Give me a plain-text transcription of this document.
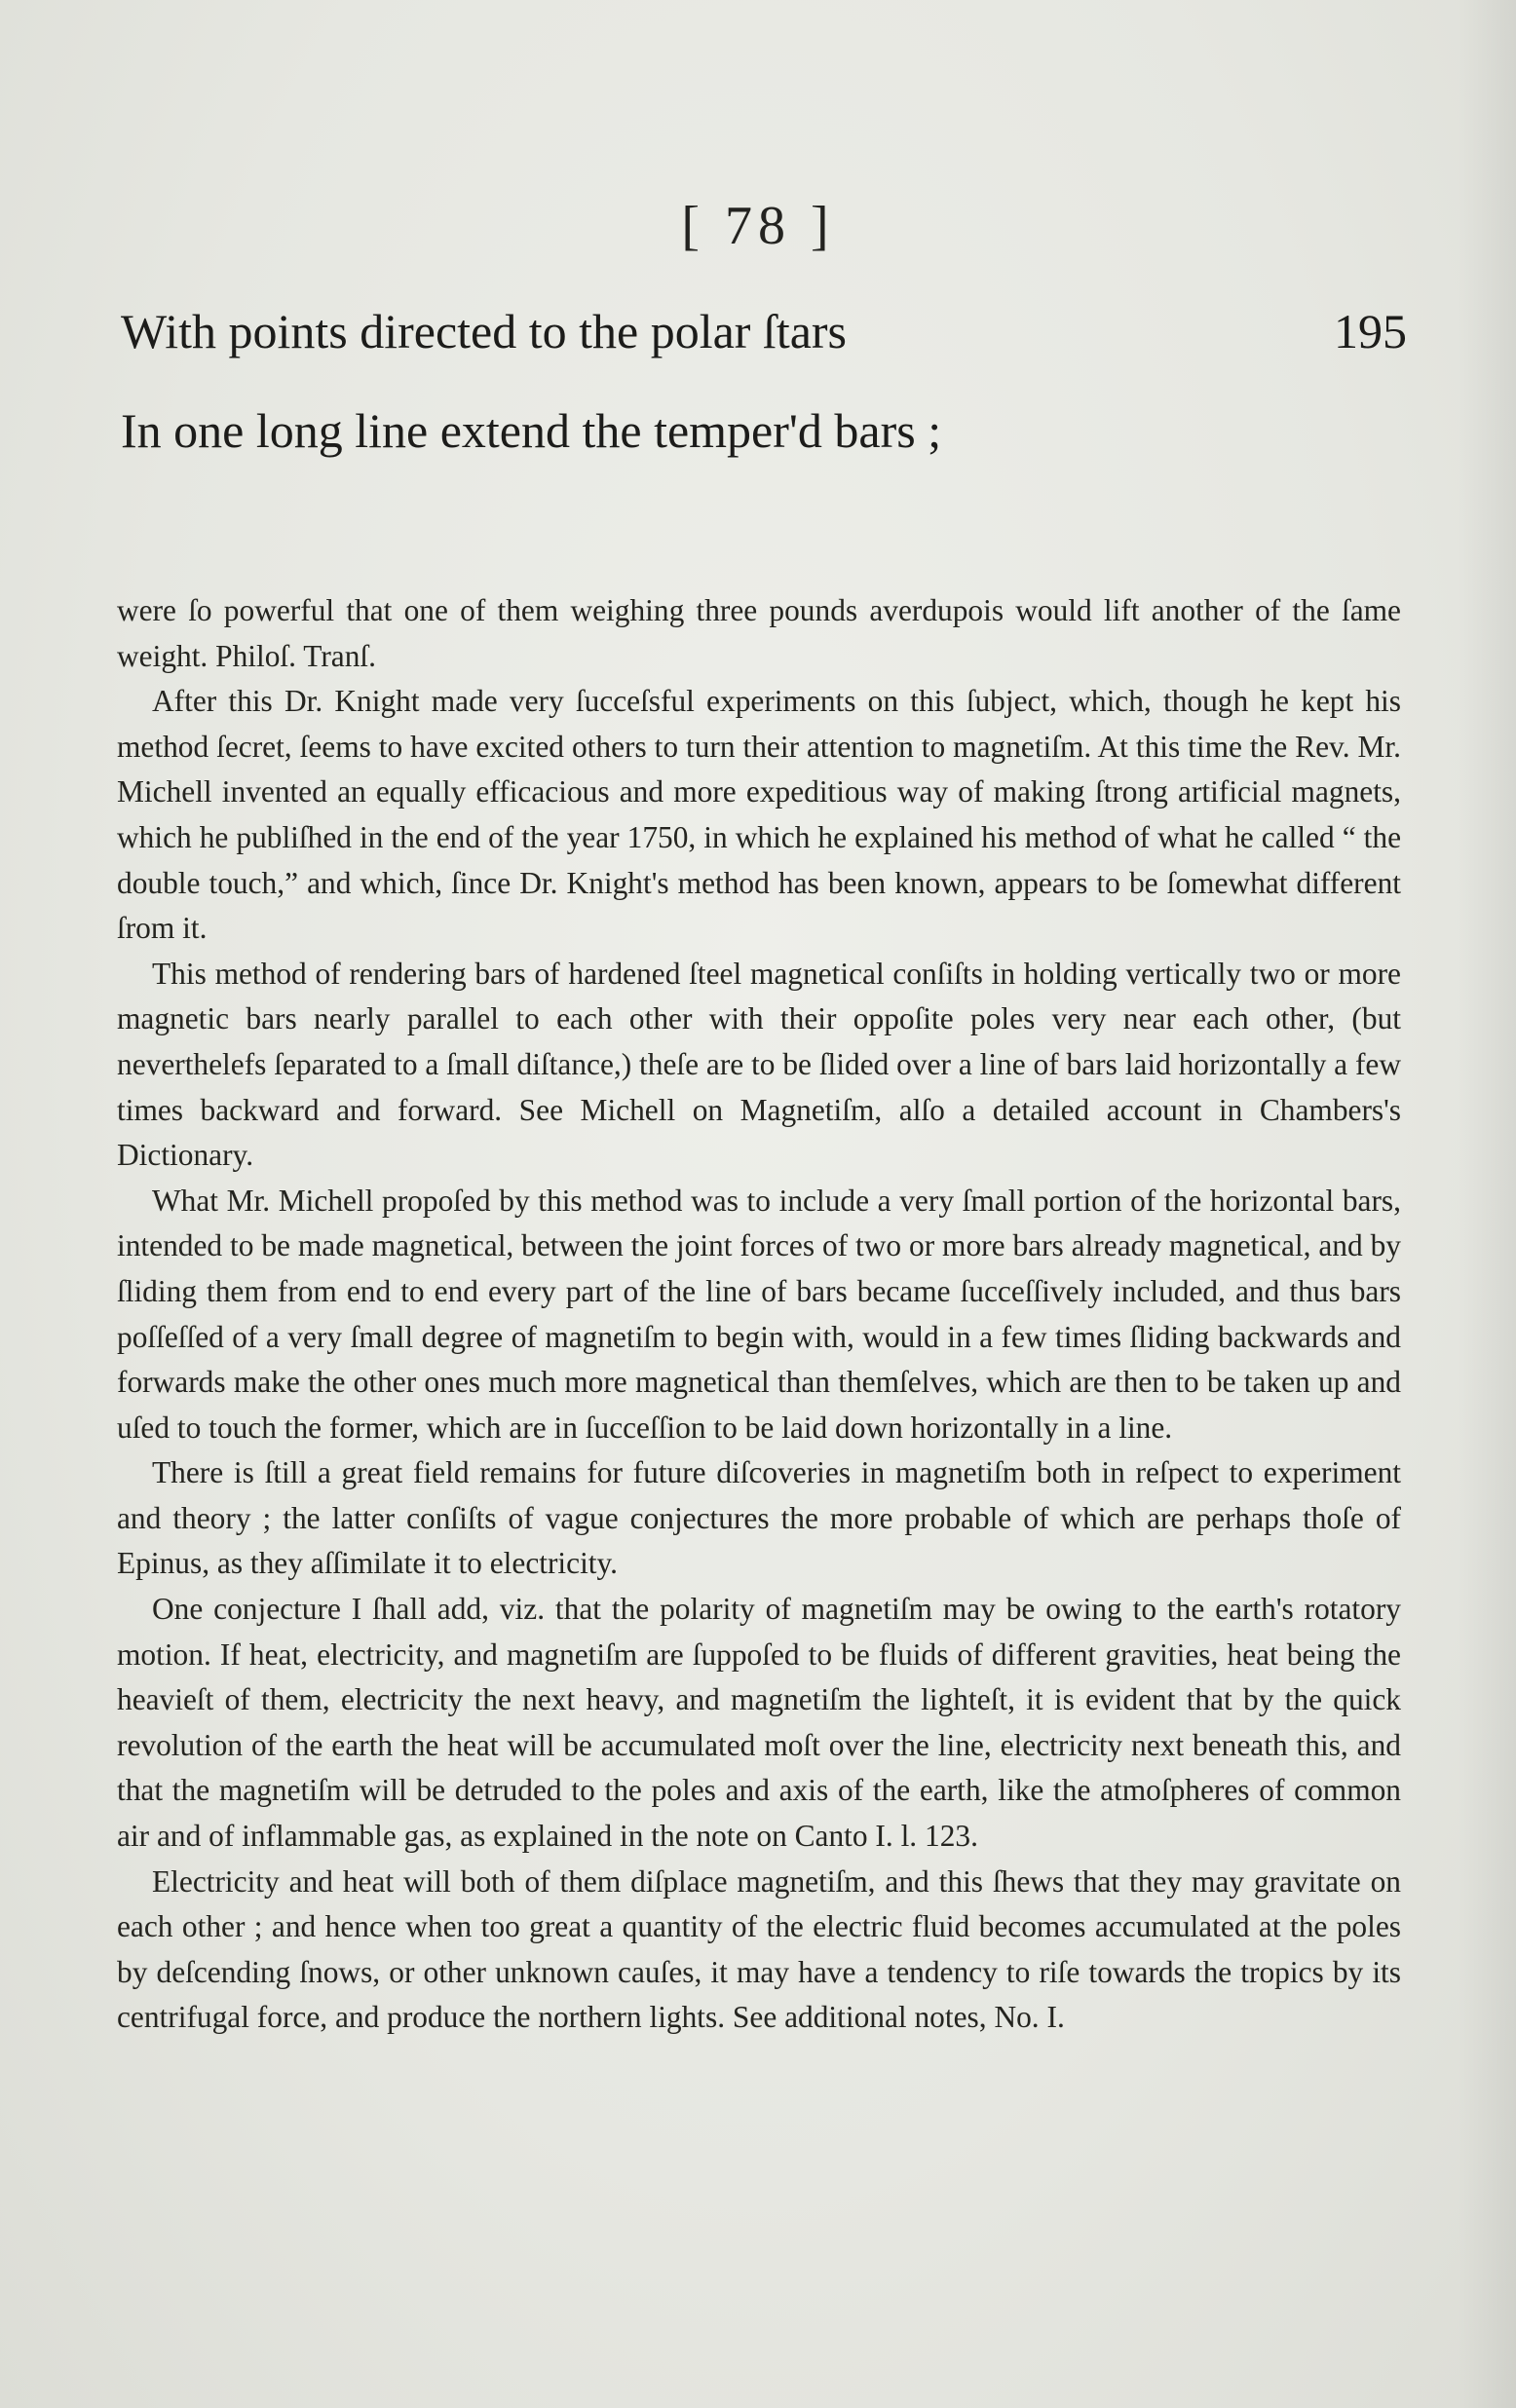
[ 78 ]
With points directed to the polar ſtars	195
In one long line extend the temper'd bars ;

were ſo powerful that one of them weighing three pounds averdupois would lift another of the ſame weight. Philoſ. Tranſ.

After this Dr. Knight made very ſucceſsful experiments on this ſubject, which, though he kept his method ſecret, ſeems to have excited others to turn their attention to magnetiſm. At this time the Rev. Mr. Michell invented an equally efficacious and more expeditious way of making ſtrong artificial magnets, which he publiſhed in the end of the year 1750, in which he explained his method of what he called “ the double touch,” and which, ſince Dr. Knight's method has been known, appears to be ſomewhat different ſrom it.

This method of rendering bars of hardened ſteel magnetical conſiſts in holding vertically two or more magnetic bars nearly parallel to each other with their oppoſite poles very near each other, (but neverthelefs ſeparated to a ſmall diſtance,) theſe are to be ſlided over a line of bars laid horizontally a few times backward and forward. See Michell on Magnetiſm, alſo a detailed account in Chambers's Dictionary.

What Mr. Michell propoſed by this method was to include a very ſmall portion of the horizontal bars, intended to be made magnetical, between the joint forces of two or more bars already magnetical, and by ſliding them from end to end every part of the line of bars became ſucceſſively included, and thus bars poſſeſſed of a very ſmall degree of magnetiſm to begin with, would in a few times ſliding backwards and forwards make the other ones much more magnetical than themſelves, which are then to be taken up and uſed to touch the former, which are in ſucceſſion to be laid down horizontally in a line.

There is ſtill a great field remains for future diſcoveries in magnetiſm both in reſpect to experiment and theory ; the latter conſiſts of vague conjectures the more probable of which are perhaps thoſe of Epinus, as they aſſimilate it to electricity.

One conjecture I ſhall add, viz. that the polarity of magnetiſm may be owing to the earth's rotatory motion. If heat, electricity, and magnetiſm are ſuppoſed to be fluids of different gravities, heat being the heavieſt of them, electricity the next heavy, and magnetiſm the lighteſt, it is evident that by the quick revolution of the earth the heat will be accumulated moſt over the line, electricity next beneath this, and that the magnetiſm will be detruded to the poles and axis of the earth, like the atmoſpheres of common air and of inflammable gas, as explained in the note on Canto I. l. 123.

Electricity and heat will both of them diſplace magnetiſm, and this ſhews that they may gravitate on each other ; and hence when too great a quantity of the electric fluid becomes accumulated at the poles by deſcending ſnows, or other unknown cauſes, it may have a tendency to riſe towards the tropics by its centrifugal force, and produce the northern lights. See additional notes, No. I.
